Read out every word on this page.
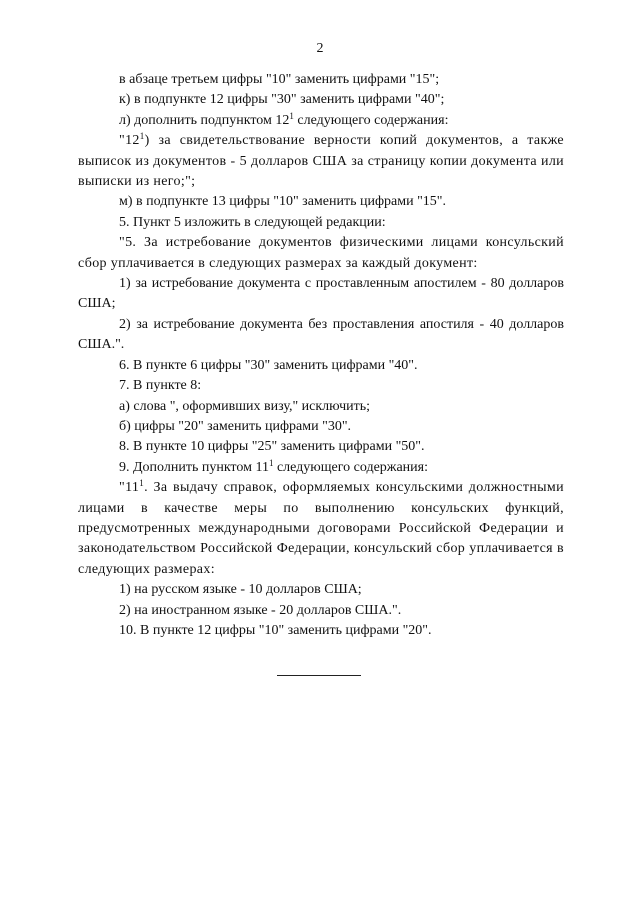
2

в абзаце третьем цифры "10" заменить цифрами "15";

к) в подпункте 12 цифры "30" заменить цифрами "40";

л) дополнить подпунктом $12^1$ следующего содержания:

"$12^1$) за свидетельствование верности копий документов, а также выписок из документов - 5 долларов США за страницу копии документа или выписки из него;";

м) в подпункте 13 цифры "10" заменить цифрами "15".

5. Пункт 5 изложить в следующей редакции:

"5. За истребование документов физическими лицами консульский сбор уплачивается в следующих размерах за каждый документ:

1) за истребование документа с проставленным апостилем - 80 долларов США;

2) за истребование документа без проставления апостиля - 40 долларов США.".

6. В пункте 6 цифры "30" заменить цифрами "40".

7. В пункте 8:

а) слова ", оформивших визу," исключить;

б) цифры "20" заменить цифрами "30".

8. В пункте 10 цифры "25" заменить цифрами "50".

9. Дополнить пунктом $11^1$ следующего содержания:

"$11^1$. За выдачу справок, оформляемых консульскими должностными лицами в качестве меры по выполнению консульских функций, предусмотренных международными договорами Российской Федерации и законодательством Российской Федерации, консульский сбор уплачивается в следующих размерах:

1) на русском языке - 10 долларов США;

2) на иностранном языке - 20 долларов США.".

10. В пункте 12 цифры "10" заменить цифрами "20".
